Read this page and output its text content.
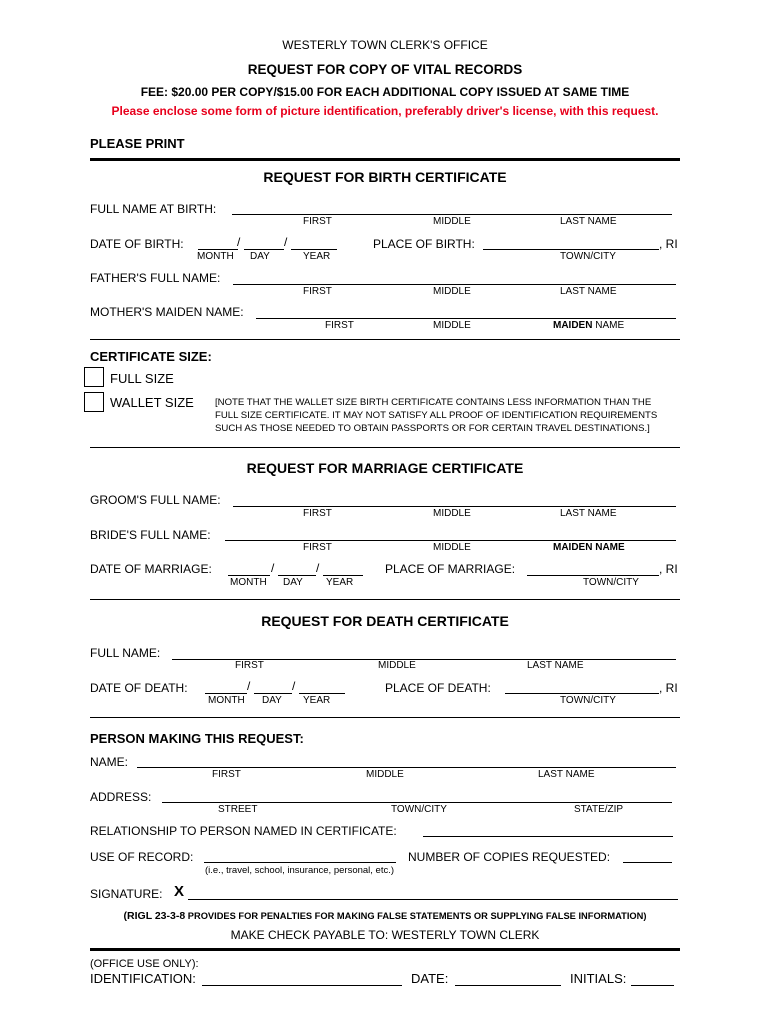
WESTERLY TOWN CLERK'S OFFICE
REQUEST FOR COPY OF VITAL RECORDS
FEE: $20.00 PER COPY/$15.00 FOR EACH ADDITIONAL COPY ISSUED AT SAME TIME
Please enclose some form of picture identification, preferably driver's license, with this request.
PLEASE PRINT
REQUEST FOR BIRTH CERTIFICATE
FULL NAME AT BIRTH:
FIRST	MIDDLE	LAST NAME
DATE OF BIRTH:	/	/
MONTH DAY	YEAR
PLACE OF BIRTH:	, RI
TOWN/CITY
FATHER'S FULL NAME:
FIRST	MIDDLE	LAST NAME
MOTHER'S MAIDEN NAME:
FIRST	MIDDLE	MAIDEN NAME
CERTIFICATE SIZE:
FULL SIZE
WALLET SIZE [NOTE THAT THE WALLET SIZE BIRTH CERTIFICATE CONTAINS LESS INFORMATION THAN THE
FULL SIZE CERTIFICATE. IT MAY NOT SATISFY ALL PROOF OF IDENTIFICATION REQUIREMENTS
SUCH AS THOSE NEEDED TO OBTAIN PASSPORTS OR FOR CERTAIN TRAVEL DESTINATIONS.]
REQUEST FOR MARRIAGE CERTIFICATE
GROOM'S FULL NAME:
FIRST	MIDDLE	LAST NAME
BRIDE'S FULL NAME:
FIRST	MIDDLE	MAIDEN NAME
DATE OF MARRIAGE:	/	/
MONTH DAY YEAR
PLACE OF MARRIAGE:	, RI
TOWN/CITY
REQUEST FOR DEATH CERTIFICATE
FULL NAME:
FIRST	MIDDLE	LAST NAME
DATE OF DEATH:	/	/
MONTH DAY YEAR
PLACE OF DEATH:	, RI
TOWN/CITY
PERSON MAKING THIS REQUEST:
NAME:
FIRST	MIDDLE	LAST NAME
ADDRESS:
STREET	TOWN/CITY	STATE/ZIP
RELATIONSHIP TO PERSON NAMED IN CERTIFICATE:
USE OF RECORD:
(i.e., travel, school, insurance, personal, etc.)
NUMBER OF COPIES REQUESTED:
SIGNATURE: X
(RIGL 23-3-8 PROVIDES FOR PENALTIES FOR MAKING FALSE STATEMENTS OR SUPPLYING FALSE INFORMATION)
MAKE CHECK PAYABLE TO: WESTERLY TOWN CLERK
(OFFICE USE ONLY):
IDENTIFICATION:	DATE:	INITIALS:
